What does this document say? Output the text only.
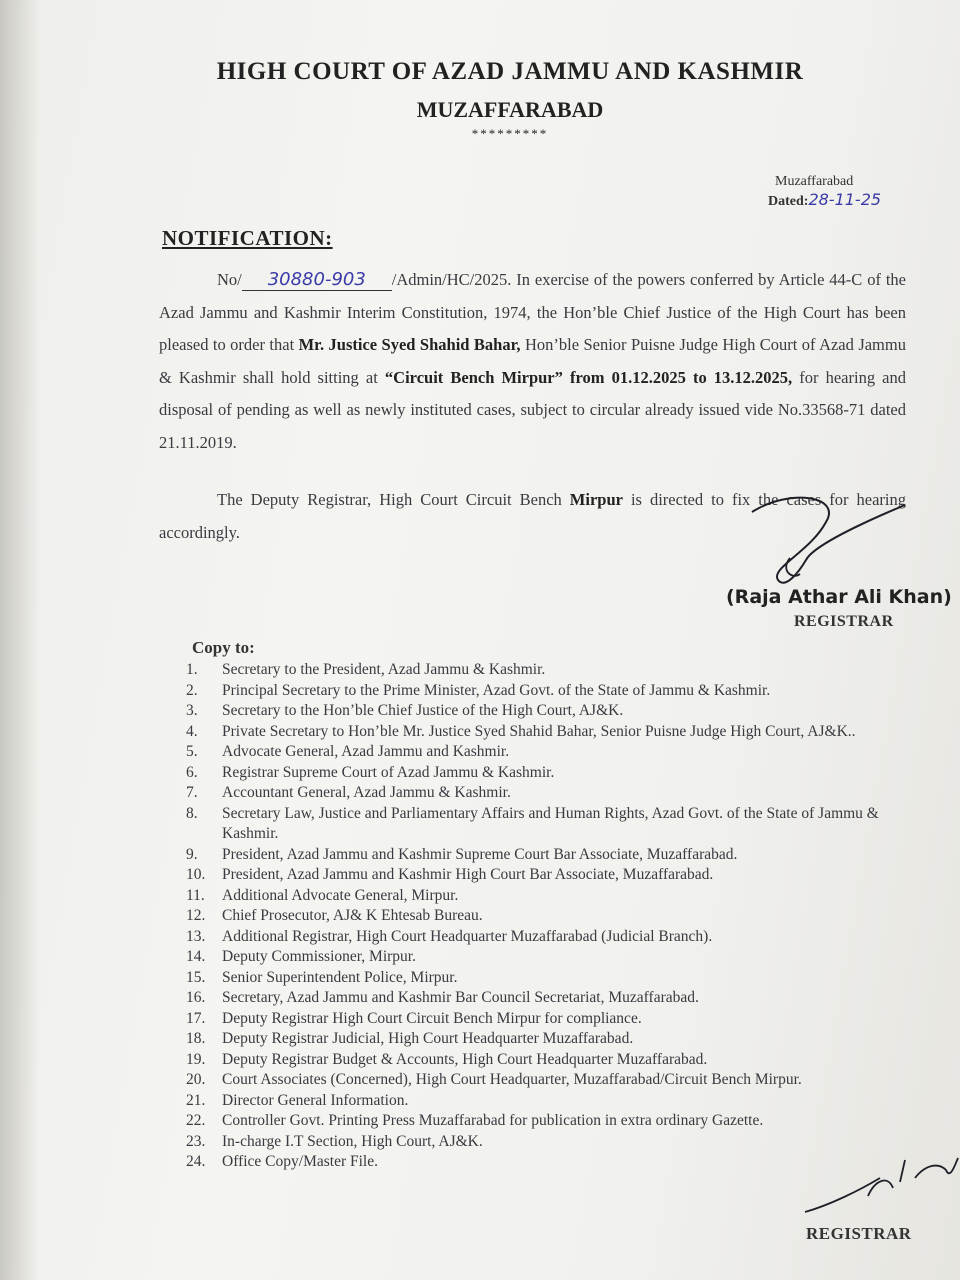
HIGH COURT OF AZAD JAMMU AND KASHMIR
MUZAFFARABAD
*********
Muzaffarabad
Dated:28-11-25
NOTIFICATION:
No/ 30880-903 /Admin/HC/2025. In exercise of the powers conferred by Article 44-C of the Azad Jammu and Kashmir Interim Constitution, 1974, the Hon’ble Chief Justice of the High Court has been pleased to order that Mr. Justice Syed Shahid Bahar, Hon’ble Senior Puisne Judge High Court of Azad Jammu & Kashmir shall hold sitting at “Circuit Bench Mirpur” from 01.12.2025 to 13.12.2025, for hearing and disposal of pending as well as newly instituted cases, subject to circular already issued vide No.33568-71 dated 21.11.2019.
The Deputy Registrar, High Court Circuit Bench Mirpur is directed to fix the cases for hearing accordingly.
(Raja Athar Ali Khan)
REGISTRAR
Copy to:
1.	Secretary to the President, Azad Jammu & Kashmir.
2.	Principal Secretary to the Prime Minister, Azad Govt. of the State of Jammu & Kashmir.
3.	Secretary to the Hon’ble Chief Justice of the High Court, AJ&K.
4.	Private Secretary to Hon’ble Mr. Justice Syed Shahid Bahar, Senior Puisne Judge High Court, AJ&K..
5.	Advocate General, Azad Jammu and Kashmir.
6.	Registrar Supreme Court of Azad Jammu & Kashmir.
7.	Accountant General, Azad Jammu & Kashmir.
8.	Secretary Law, Justice and Parliamentary Affairs and Human Rights, Azad Govt. of the State of Jammu & Kashmir.
9.	President, Azad Jammu and Kashmir Supreme Court Bar Associate, Muzaffarabad.
10.	President, Azad Jammu and Kashmir High Court Bar Associate, Muzaffarabad.
11.	Additional Advocate General, Mirpur.
12.	Chief Prosecutor, AJ& K Ehtesab Bureau.
13.	Additional Registrar, High Court Headquarter Muzaffarabad (Judicial Branch).
14.	Deputy Commissioner, Mirpur.
15.	Senior Superintendent Police, Mirpur.
16.	Secretary, Azad Jammu and Kashmir Bar Council Secretariat, Muzaffarabad.
17.	Deputy Registrar High Court Circuit Bench Mirpur for compliance.
18.	Deputy Registrar Judicial, High Court Headquarter Muzaffarabad.
19.	Deputy Registrar Budget & Accounts, High Court Headquarter Muzaffarabad.
20.	Court Associates (Concerned), High Court Headquarter, Muzaffarabad/Circuit Bench Mirpur.
21.	Director General Information.
22.	Controller Govt. Printing Press Muzaffarabad for publication in extra ordinary Gazette.
23.	In-charge I.T Section, High Court, AJ&K.
24.	Office Copy/Master File.
REGISTRAR
